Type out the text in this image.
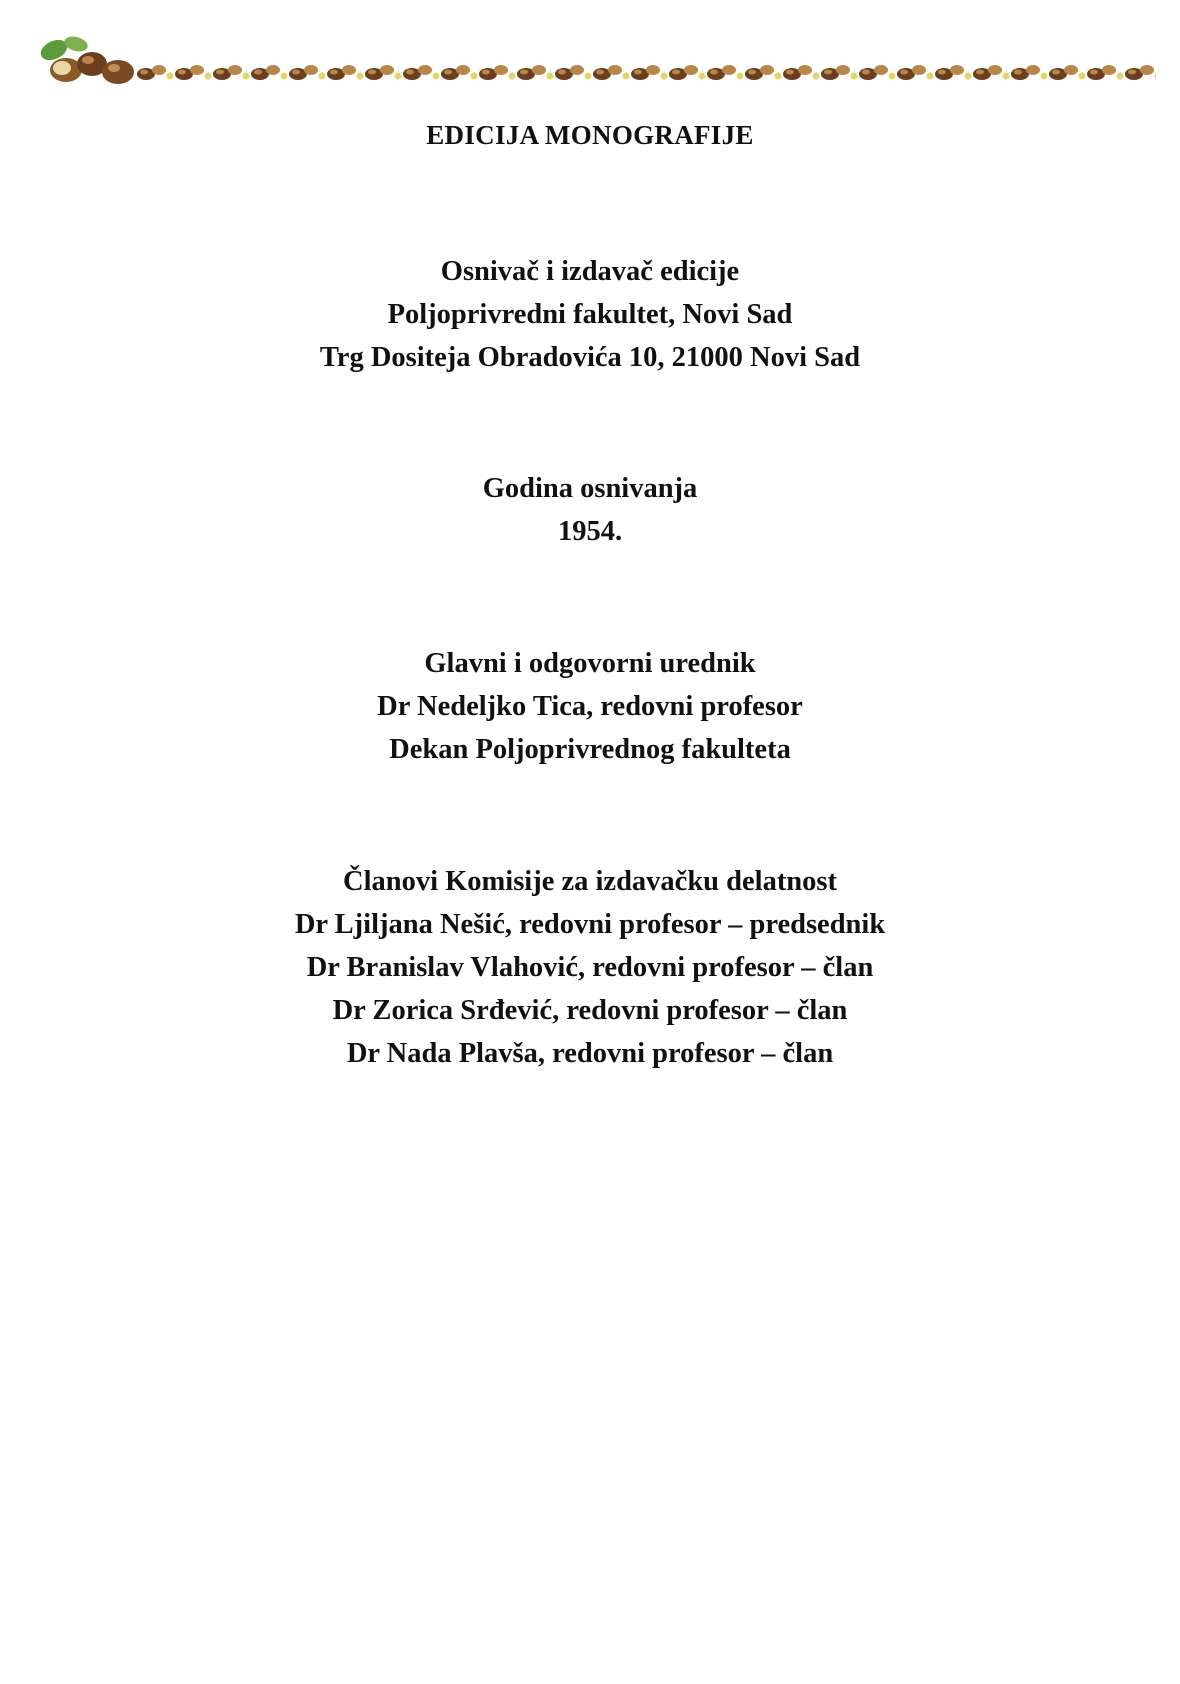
EDICIJA MONOGRAFIJE
Osnivač i izdavač edicije
Poljoprivredni fakultet, Novi Sad
Trg Dositeja Obradovića 10, 21000 Novi Sad
Godina osnivanja
1954.
Glavni i odgovorni urednik
Dr Nedeljko Tica, redovni profesor
Dekan Poljoprivrednog fakulteta
Članovi Komisije za izdavačku delatnost
Dr Ljiljana Nešić, redovni profesor – predsednik
Dr Branislav Vlahović, redovni profesor – član
Dr Zorica Srđević, redovni profesor – član
Dr Nada Plavša, redovni profesor – član
